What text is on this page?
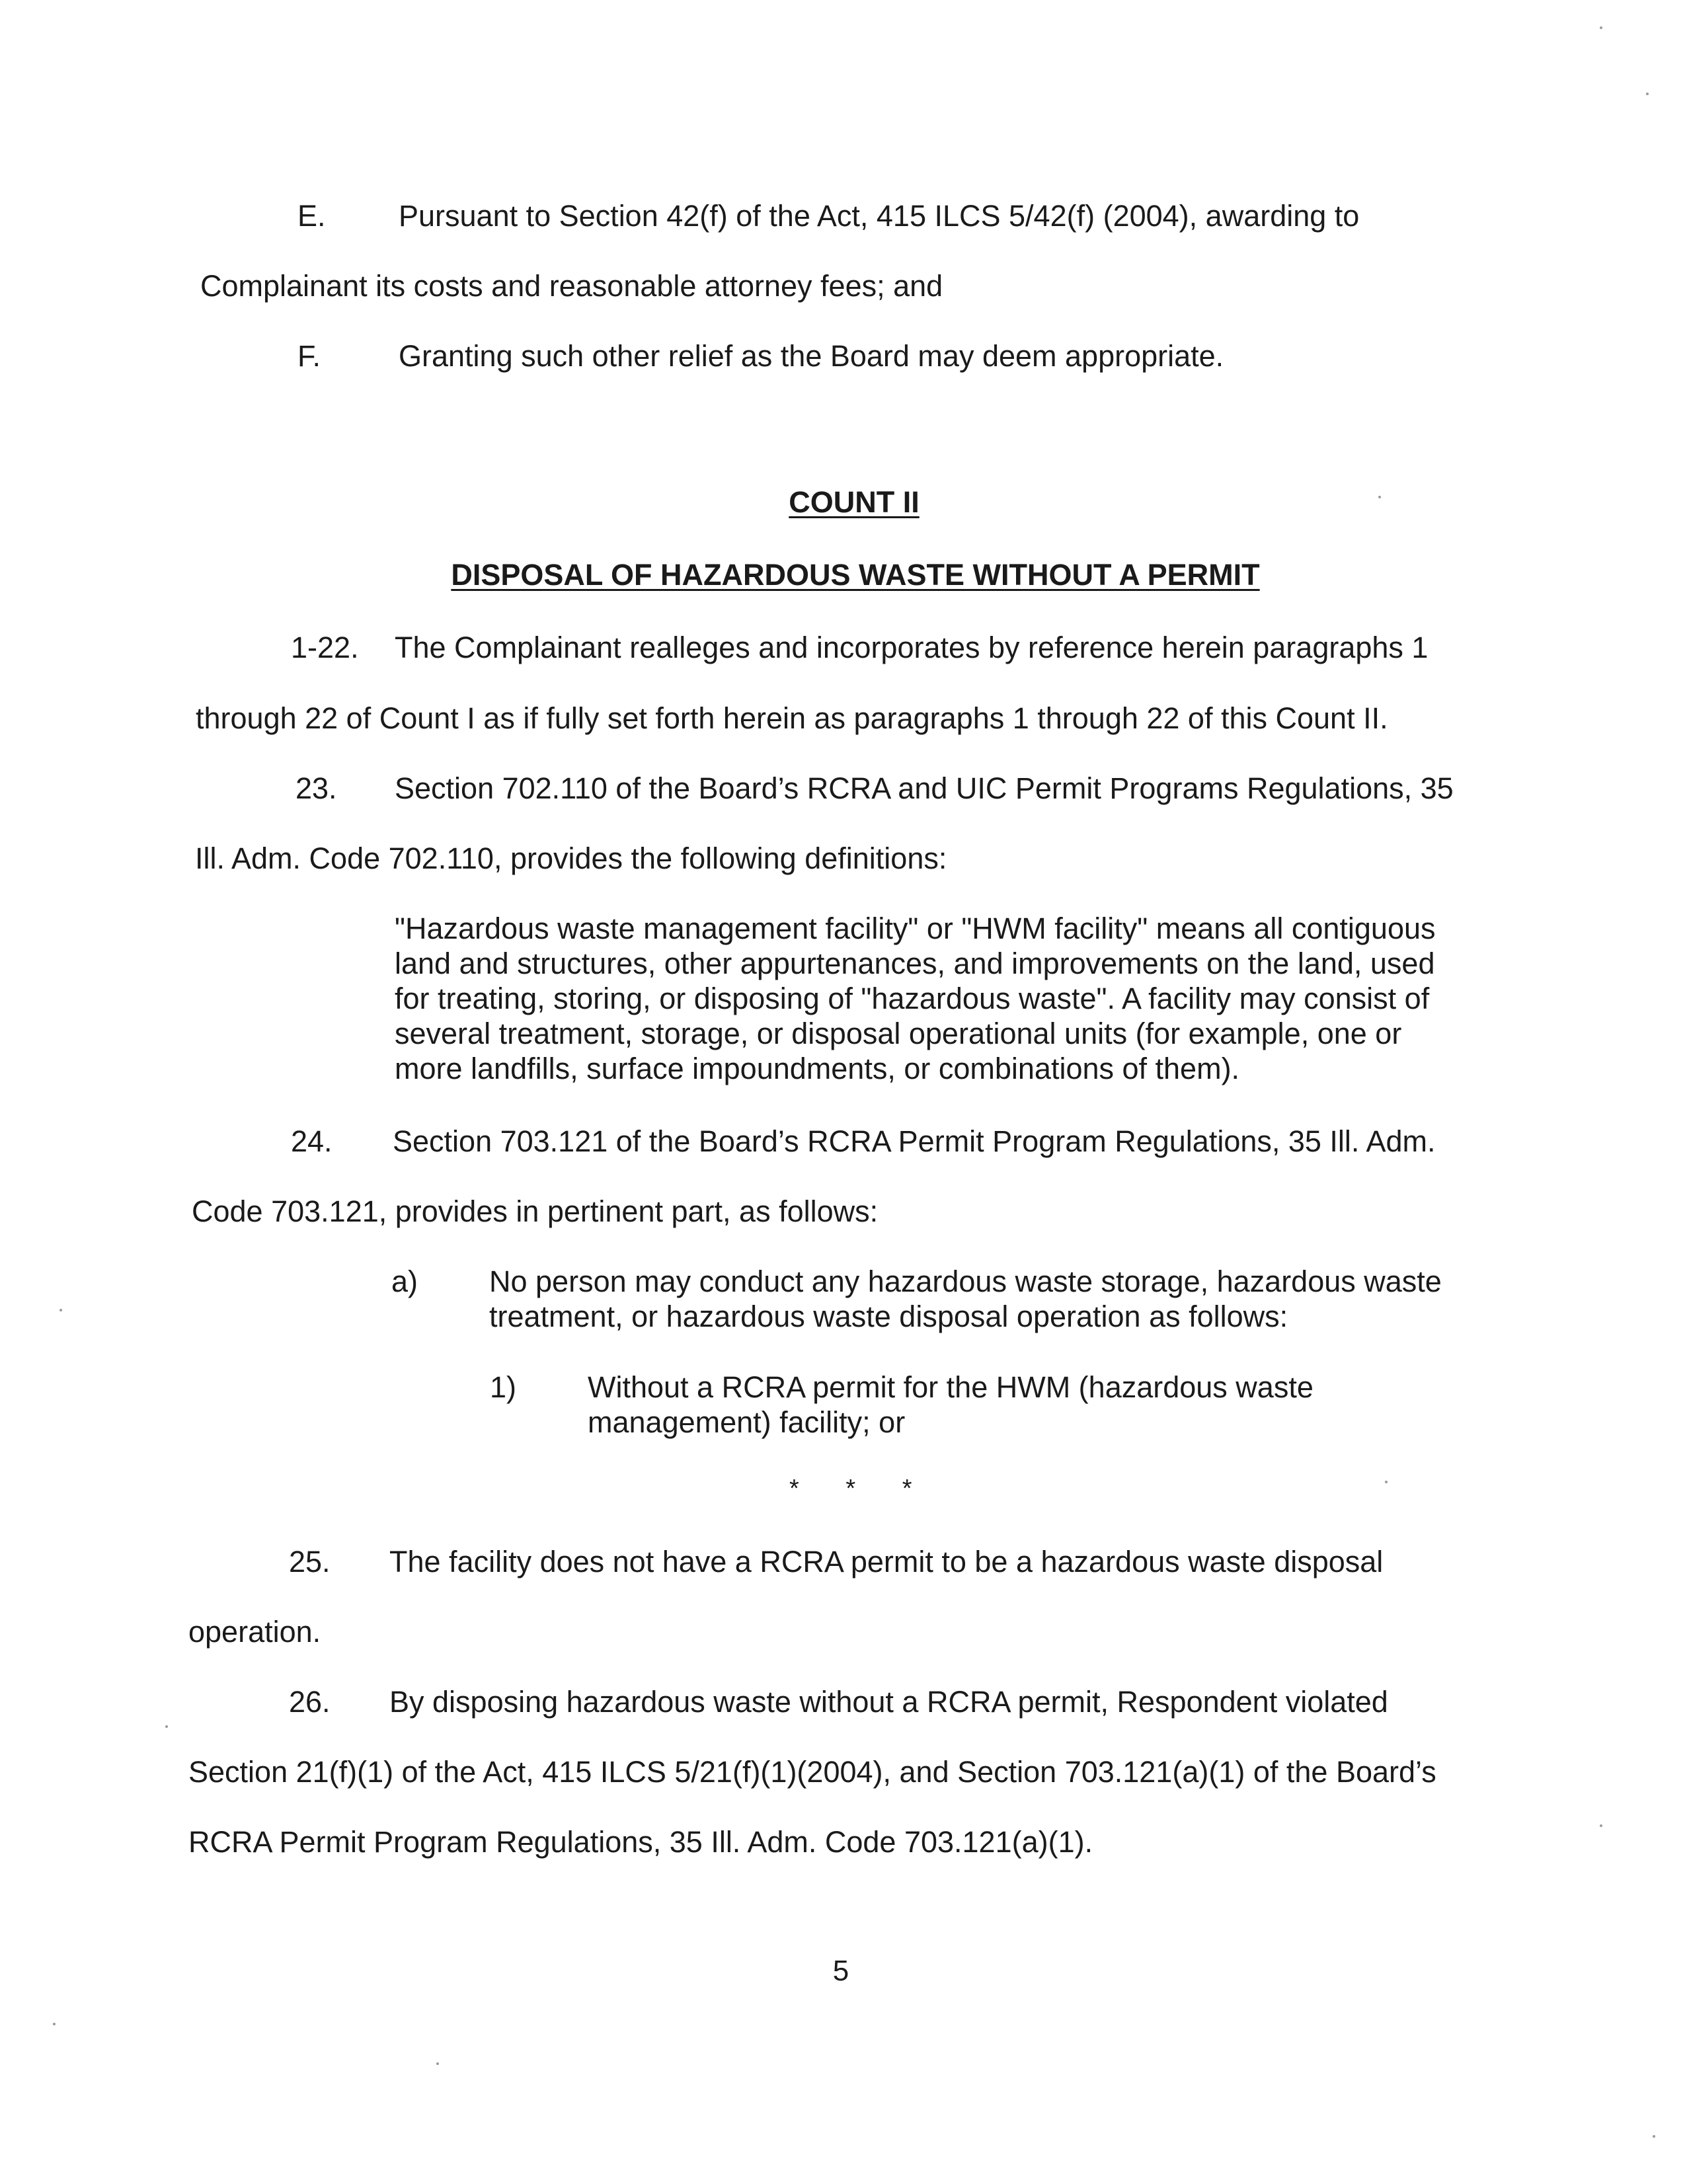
E. Pursuant to Section 42(f) of the Act, 415 ILCS 5/42(f) (2004), awarding to
Complainant its costs and reasonable attorney fees; and
F.	Granting such other relief as the Board may deem appropriate.
COUNT II
DISPOSAL OF HAZARDOUS WASTE WITHOUT A PERMIT
1-22. The Complainant realleges and incorporates by reference herein paragraphs 1
through 22 of Count I as if fully set forth herein as paragraphs 1 through 22 of this Count II.
23. Section 702.110 of the Board’s RCRA and UIC Permit Programs Regulations, 35
Ill. Adm. Code 702.110, provides the following definitions:
"Hazardous waste management facility" or "HWM facility" means all contiguous
land and structures, other appurtenances, and improvements on the land, used
for treating, storing, or disposing of "hazardous waste". A facility may consist of
several treatment, storage, or disposal operational units (for example, one or
more landfills, surface impoundments, or combinations of them).
24. Section 703.121 of the Board’s RCRA Permit Program Regulations, 35 Ill. Adm.
Code 703.121, provides in pertinent part, as follows:
a) No person may conduct any hazardous waste storage, hazardous waste
treatment, or hazardous waste disposal operation as follows:
1) Without a RCRA permit for the HWM (hazardous waste
management) facility; or
* * *
25. The facility does not have a RCRA permit to be a hazardous waste disposal
operation.
26. By disposing hazardous waste without a RCRA permit, Respondent violated
Section 21(f)(1) of the Act, 415 ILCS 5/21(f)(1)(2004), and Section 703.121(a)(1) of the Board’s
RCRA Permit Program Regulations, 35 Ill. Adm. Code 703.121(a)(1).
5
